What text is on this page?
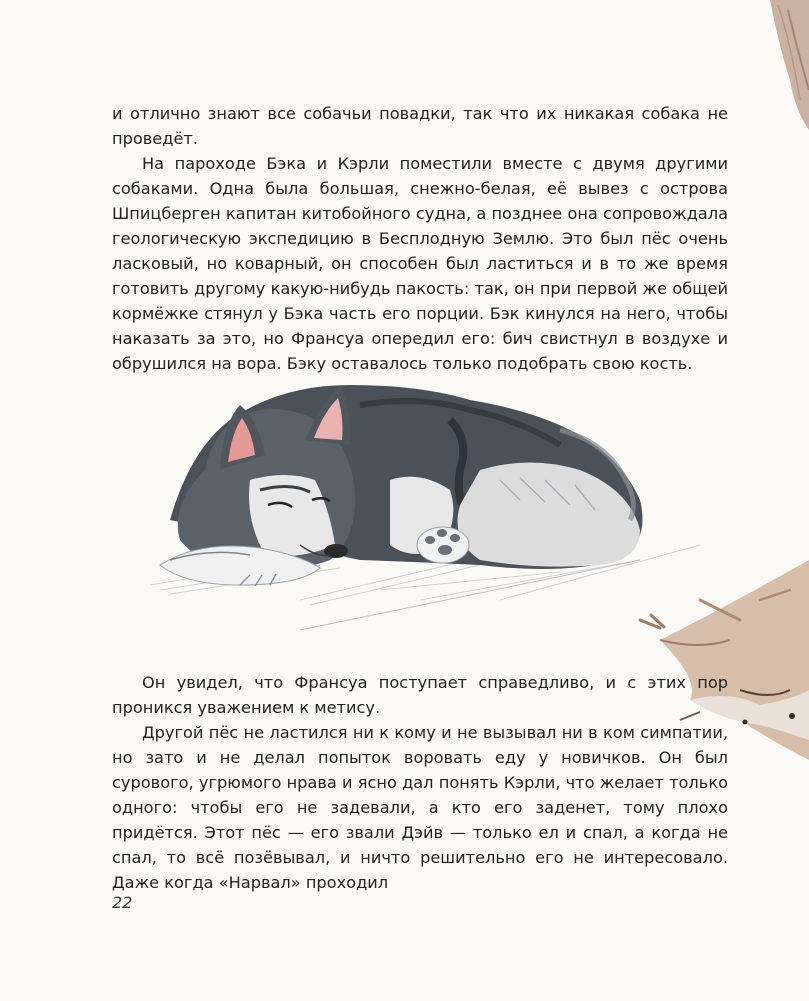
и отлично знают все собачьи повадки, так что их никакая собака не проведёт.

На пароходе Бэка и Кэрли поместили вместе с двумя другими собаками. Одна была большая, снежно-белая, её вывез с острова Шпицберген капитан китобойного судна, а позднее она сопровождала геологическую экспедицию в Бесплодную Землю. Это был пёс очень ласковый, но коварный, он способен был ластиться и в то же время готовить другому какую-нибудь пакость: так, он при первой же общей кормёжке стянул у Бэка часть его порции. Бэк кинулся на него, чтобы наказать за это, но Франсуа опередил его: бич свистнул в воздухе и обрушился на вора. Бэку оставалось только подобрать свою кость.

Он увидел, что Франсуа поступает справедливо, и с этих пор проникся уважением к метису.

Другой пёс не ластился ни к кому и не вызывал ни в ком симпатии, но зато и не делал попыток воровать еду у новичков. Он был сурового, угрюмого нрава и ясно дал понять Кэрли, что желает только одного: чтобы его не задевали, а кто его заденет, тому плохо придётся. Этот пёс — его звали Дэйв — только ел и спал, а когда не спал, то всё позёвывал, и ничто решительно его не интересовало. Даже когда «Нарвал» проходил

22
